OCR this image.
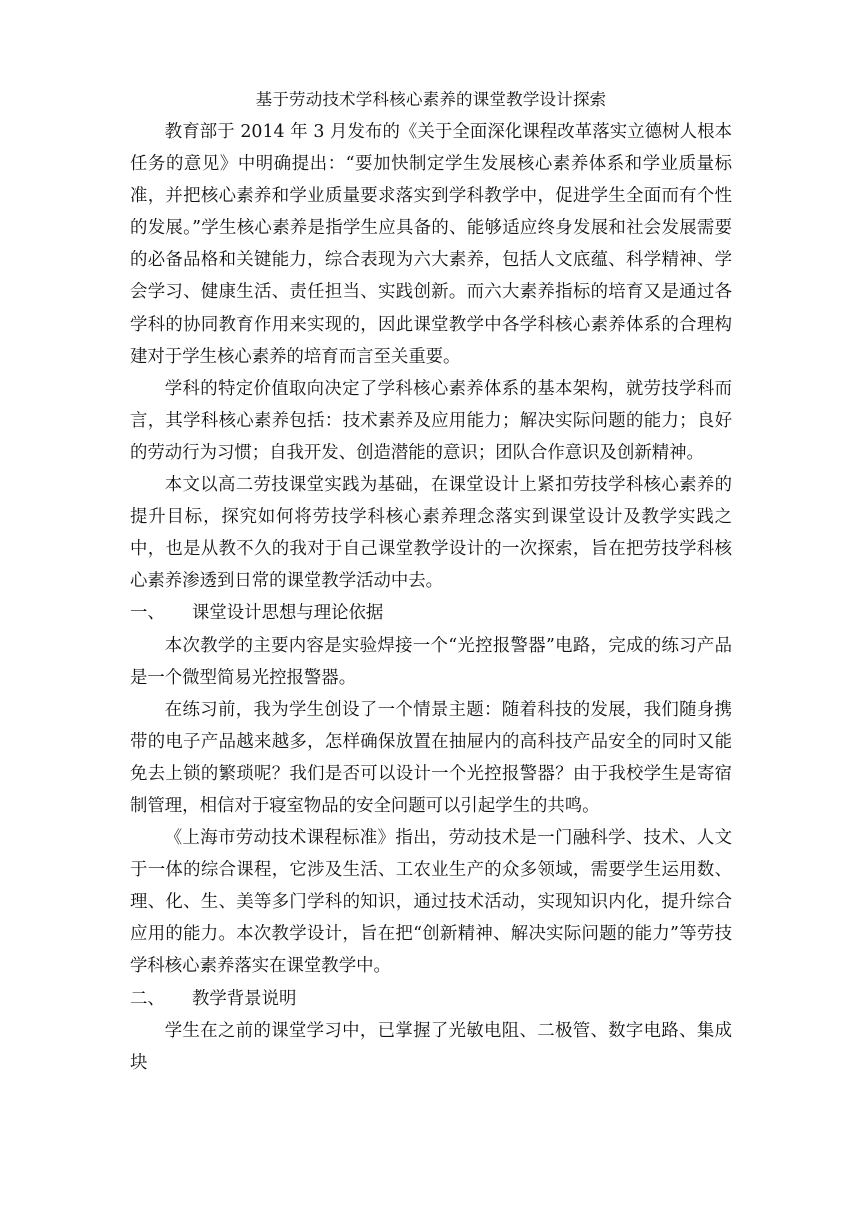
基于劳动技术学科核心素养的课堂教学设计探索

教育部于 2014 年 3 月发布的《关于全面深化课程改革落实立德树人根本任务的意见》中明确提出：“要加快制定学生发展核心素养体系和学业质量标准，并把核心素养和学业质量要求落实到学科教学中，促进学生全面而有个性的发展。”学生核心素养是指学生应具备的、能够适应终身发展和社会发展需要的必备品格和关键能力，综合表现为六大素养，包括人文底蕴、科学精神、学会学习、健康生活、责任担当、实践创新。而六大素养指标的培育又是通过各学科的协同教育作用来实现的，因此课堂教学中各学科核心素养体系的合理构建对于学生核心素养的培育而言至关重要。

学科的特定价值取向决定了学科核心素养体系的基本架构，就劳技学科而言，其学科核心素养包括：技术素养及应用能力；解决实际问题的能力；良好的劳动行为习惯；自我开发、创造潜能的意识；团队合作意识及创新精神。

本文以高二劳技课堂实践为基础，在课堂设计上紧扣劳技学科核心素养的提升目标，探究如何将劳技学科核心素养理念落实到课堂设计及教学实践之中，也是从教不久的我对于自己课堂教学设计的一次探索，旨在把劳技学科核心素养渗透到日常的课堂教学活动中去。

一、	课堂设计思想与理论依据

本次教学的主要内容是实验焊接一个“光控报警器”电路，完成的练习产品是一个微型简易光控报警器。

在练习前，我为学生创设了一个情景主题：随着科技的发展，我们随身携带的电子产品越来越多，怎样确保放置在抽屉内的高科技产品安全的同时又能免去上锁的繁琐呢？我们是否可以设计一个光控报警器？由于我校学生是寄宿制管理，相信对于寝室物品的安全问题可以引起学生的共鸣。

《上海市劳动技术课程标准》指出，劳动技术是一门融科学、技术、人文于一体的综合课程，它涉及生活、工农业生产的众多领域，需要学生运用数、理、化、生、美等多门学科的知识，通过技术活动，实现知识内化，提升综合应用的能力。本次教学设计，旨在把“创新精神、解决实际问题的能力”等劳技学科核心素养落实在课堂教学中。

二、	教学背景说明

学生在之前的课堂学习中，已掌握了光敏电阻、二极管、数字电路、集成块
